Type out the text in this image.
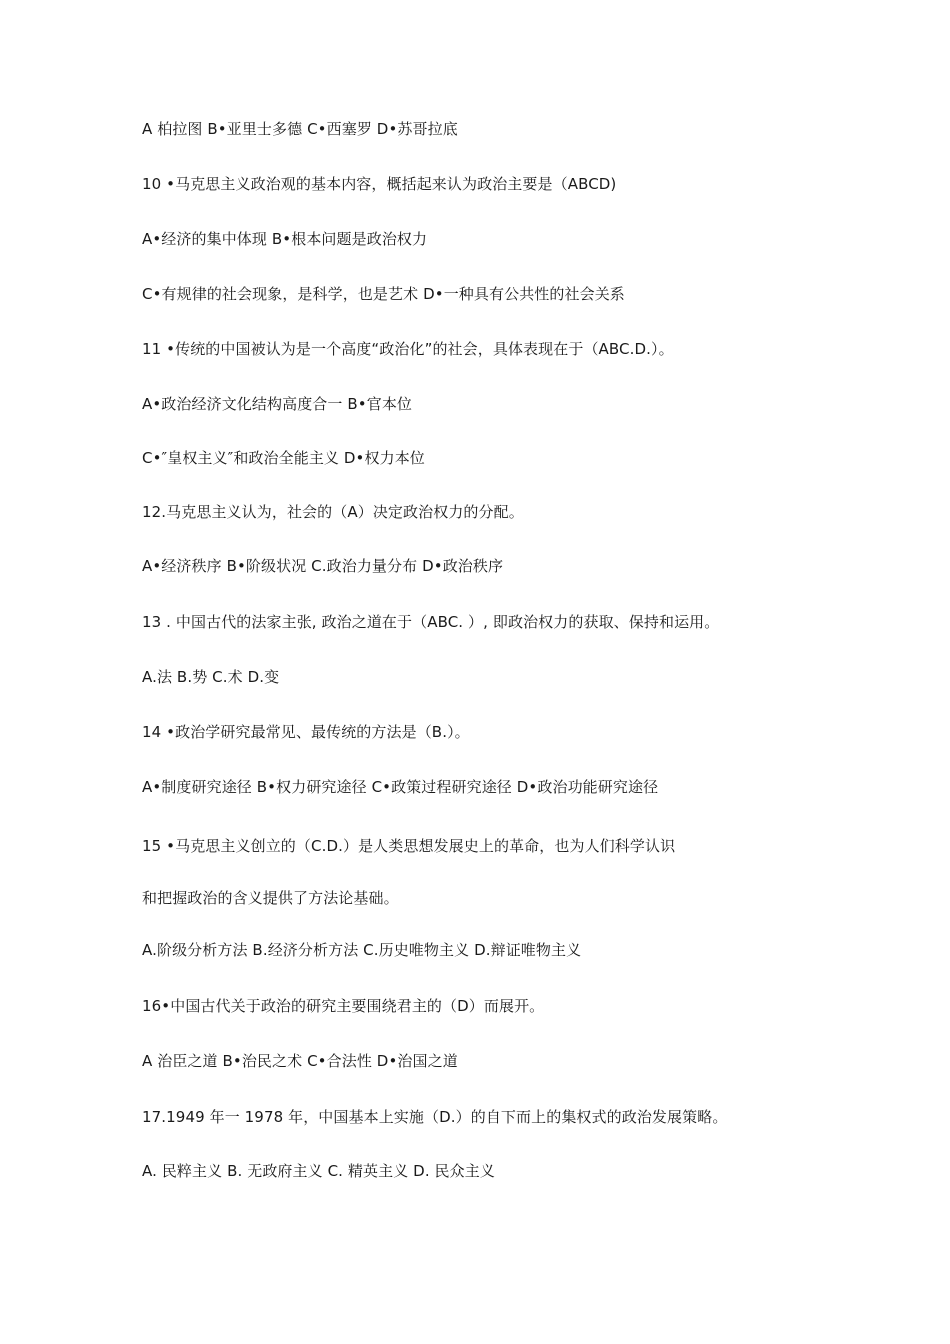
A 柏拉图 B•亚里士多德 C•西塞罗 D•苏哥拉底
10 •马克思主义政治观的基本内容，概括起来认为政治主要是（ABCD)
A•经济的集中体现 B•根本问题是政治权力
C•有规律的社会现象，是科学，也是艺术 D•一种具有公共性的社会关系
11 •传统的中国被认为是一个高度“政治化”的社会，具体表现在于（ABC.D.）。
A•政治经济文化结构高度合一 B•官本位
C•″皇权主义″和政治全能主义 D•权力本位
12.马克思主义认为，社会的（A）决定政治权力的分配。
A•经济秩序 B•阶级状况 C.政治力量分布 D•政治秩序
13 . 中国古代的法家主张, 政治之道在于（ABC. ）, 即政治权力的获取、保持和运用。
A.法 B.势 C.术 D.变
14 •政治学研究最常见、最传统的方法是（B.）。
A•制度研究途径 B•权力研究途径 C•政策过程研究途径 D•政治功能研究途径
15 •马克思主义创立的（C.D.）是人类思想发展史上的革命，也为人们科学认识
和把握政治的含义提供了方法论基础。
A.阶级分析方法 B.经济分析方法 C.历史唯物主义 D.辩证唯物主义
16•中国古代关于政治的研究主要围绕君主的（D）而展开。
A 治臣之道 B•治民之术 C•合法性 D•治国之道
17.1949 年一 1978 年，中国基本上实施（D.）的自下而上的集权式的政治发展策略。
A. 民粹主义 B. 无政府主义 C. 精英主义 D. 民众主义
